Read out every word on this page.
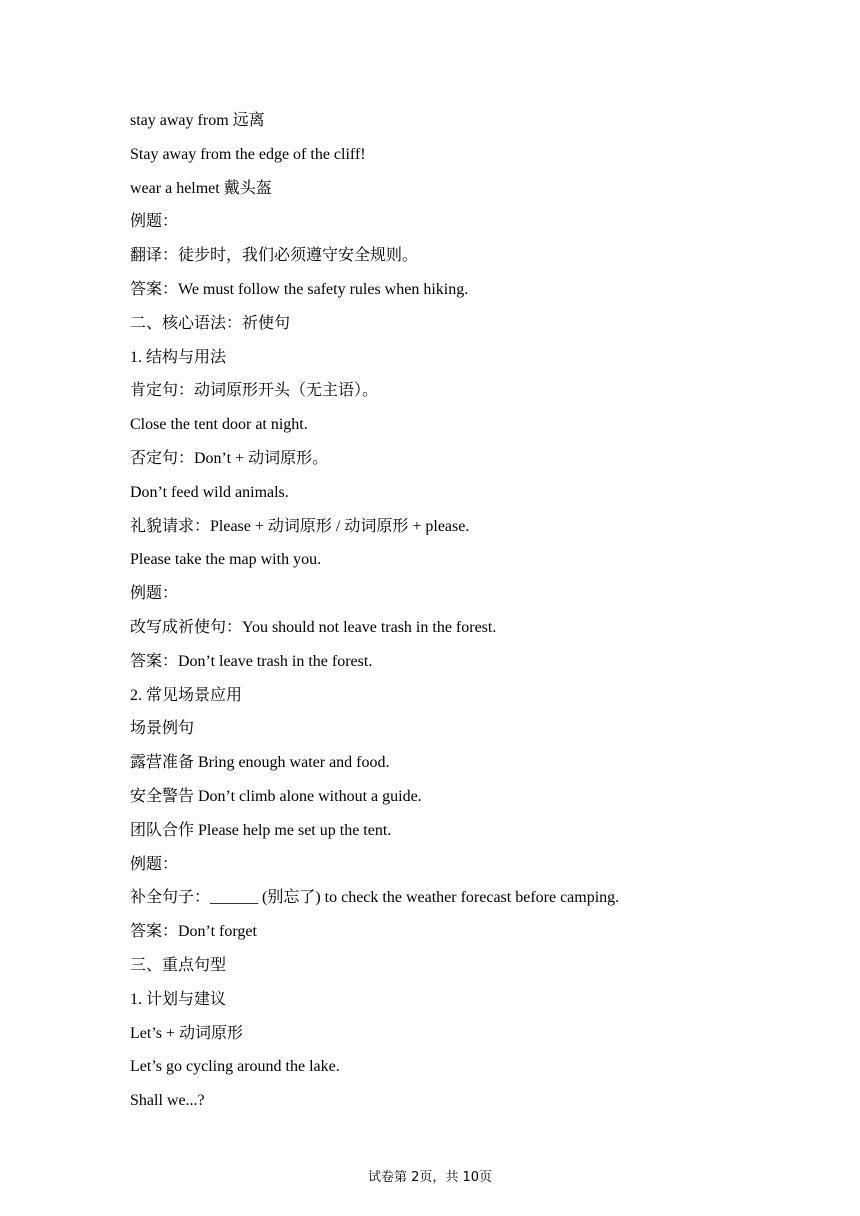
stay away from 远离
Stay away from the edge of the cliff!
wear a helmet 戴头盔
例题：
翻译：徒步时，我们必须遵守安全规则。
答案：We must follow the safety rules when hiking.
二、核心语法：祈使句
1. 结构与用法
肯定句：动词原形开头（无主语）。
Close the tent door at night.
否定句：Don’t + 动词原形。
Don’t feed wild animals.
礼貌请求：Please + 动词原形 / 动词原形 + please.
Please take the map with you.
例题：
改写成祈使句：You should not leave trash in the forest.
答案：Don’t leave trash in the forest.
2. 常见场景应用
场景例句
露营准备 Bring enough water and food.
安全警告 Don’t climb alone without a guide.
团队合作 Please help me set up the tent.
例题：
补全句子：______ (别忘了) to check the weather forecast before camping.
答案：Don’t forget
三、重点句型
1. 计划与建议
Let’s + 动词原形
Let’s go cycling around the lake.
Shall we...?
试卷第 2页，共 10页
